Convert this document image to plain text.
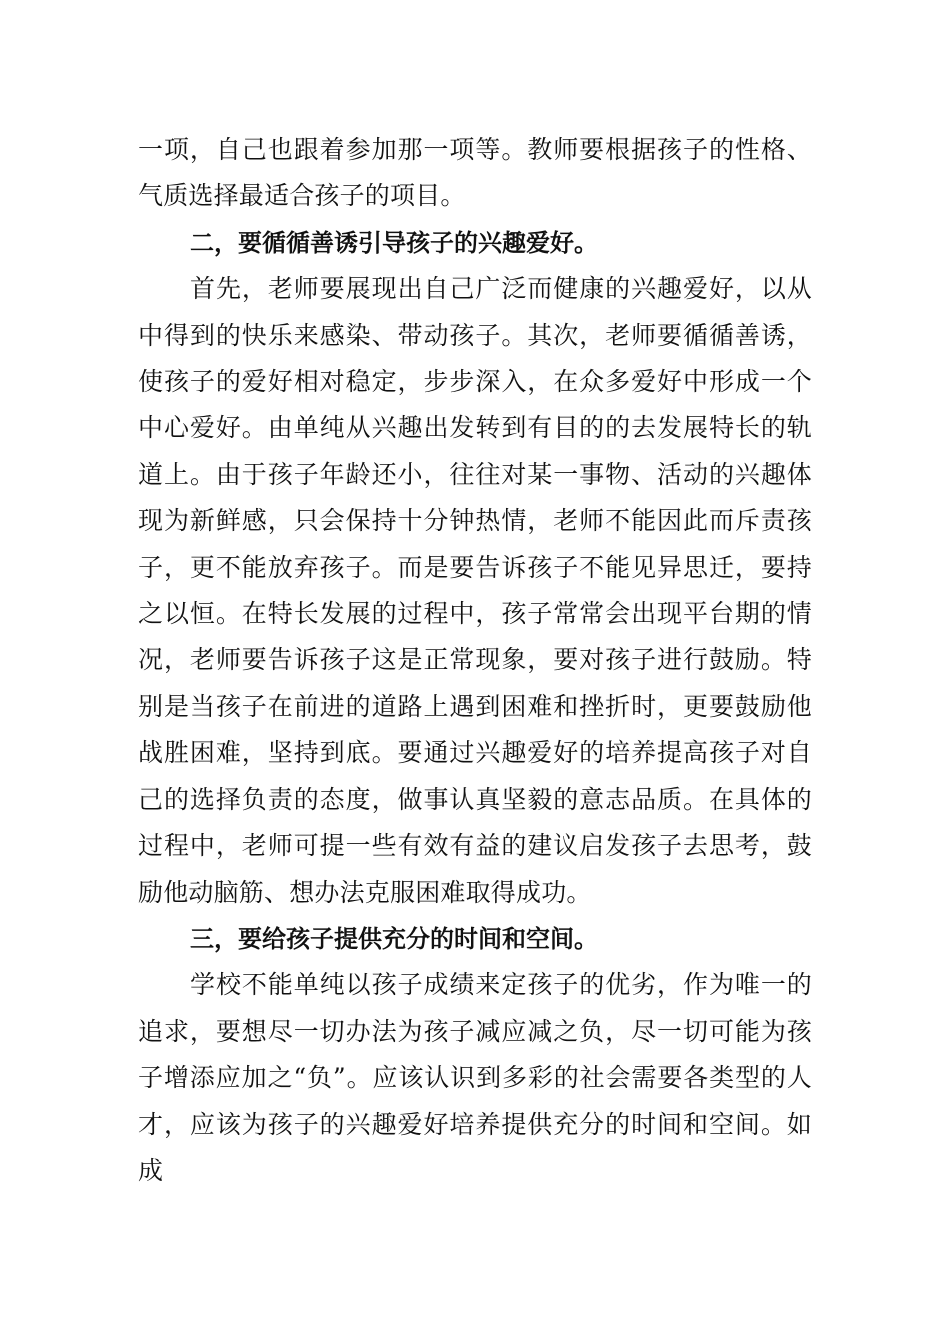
一项，自己也跟着参加那一项等。教师要根据孩子的性格、气质选择最适合孩子的项目。

二，要循循善诱引导孩子的兴趣爱好。

首先，老师要展现出自己广泛而健康的兴趣爱好，以从中得到的快乐来感染、带动孩子。其次，老师要循循善诱，使孩子的爱好相对稳定，步步深入，在众多爱好中形成一个中心爱好。由单纯从兴趣出发转到有目的的去发展特长的轨道上。由于孩子年龄还小，往往对某一事物、活动的兴趣体现为新鲜感，只会保持十分钟热情，老师不能因此而斥责孩子，更不能放弃孩子。而是要告诉孩子不能见异思迁，要持之以恒。在特长发展的过程中，孩子常常会出现平台期的情况，老师要告诉孩子这是正常现象，要对孩子进行鼓励。特别是当孩子在前进的道路上遇到困难和挫折时，更要鼓励他战胜困难，坚持到底。要通过兴趣爱好的培养提高孩子对自己的选择负责的态度，做事认真坚毅的意志品质。在具体的过程中，老师可提一些有效有益的建议启发孩子去思考，鼓励他动脑筋、想办法克服困难取得成功。

三，要给孩子提供充分的时间和空间。

学校不能单纯以孩子成绩来定孩子的优劣，作为唯一的追求，要想尽一切办法为孩子减应减之负，尽一切可能为孩子增添应加之“负”。应该认识到多彩的社会需要各类型的人才，应该为孩子的兴趣爱好培养提供充分的时间和空间。如成
